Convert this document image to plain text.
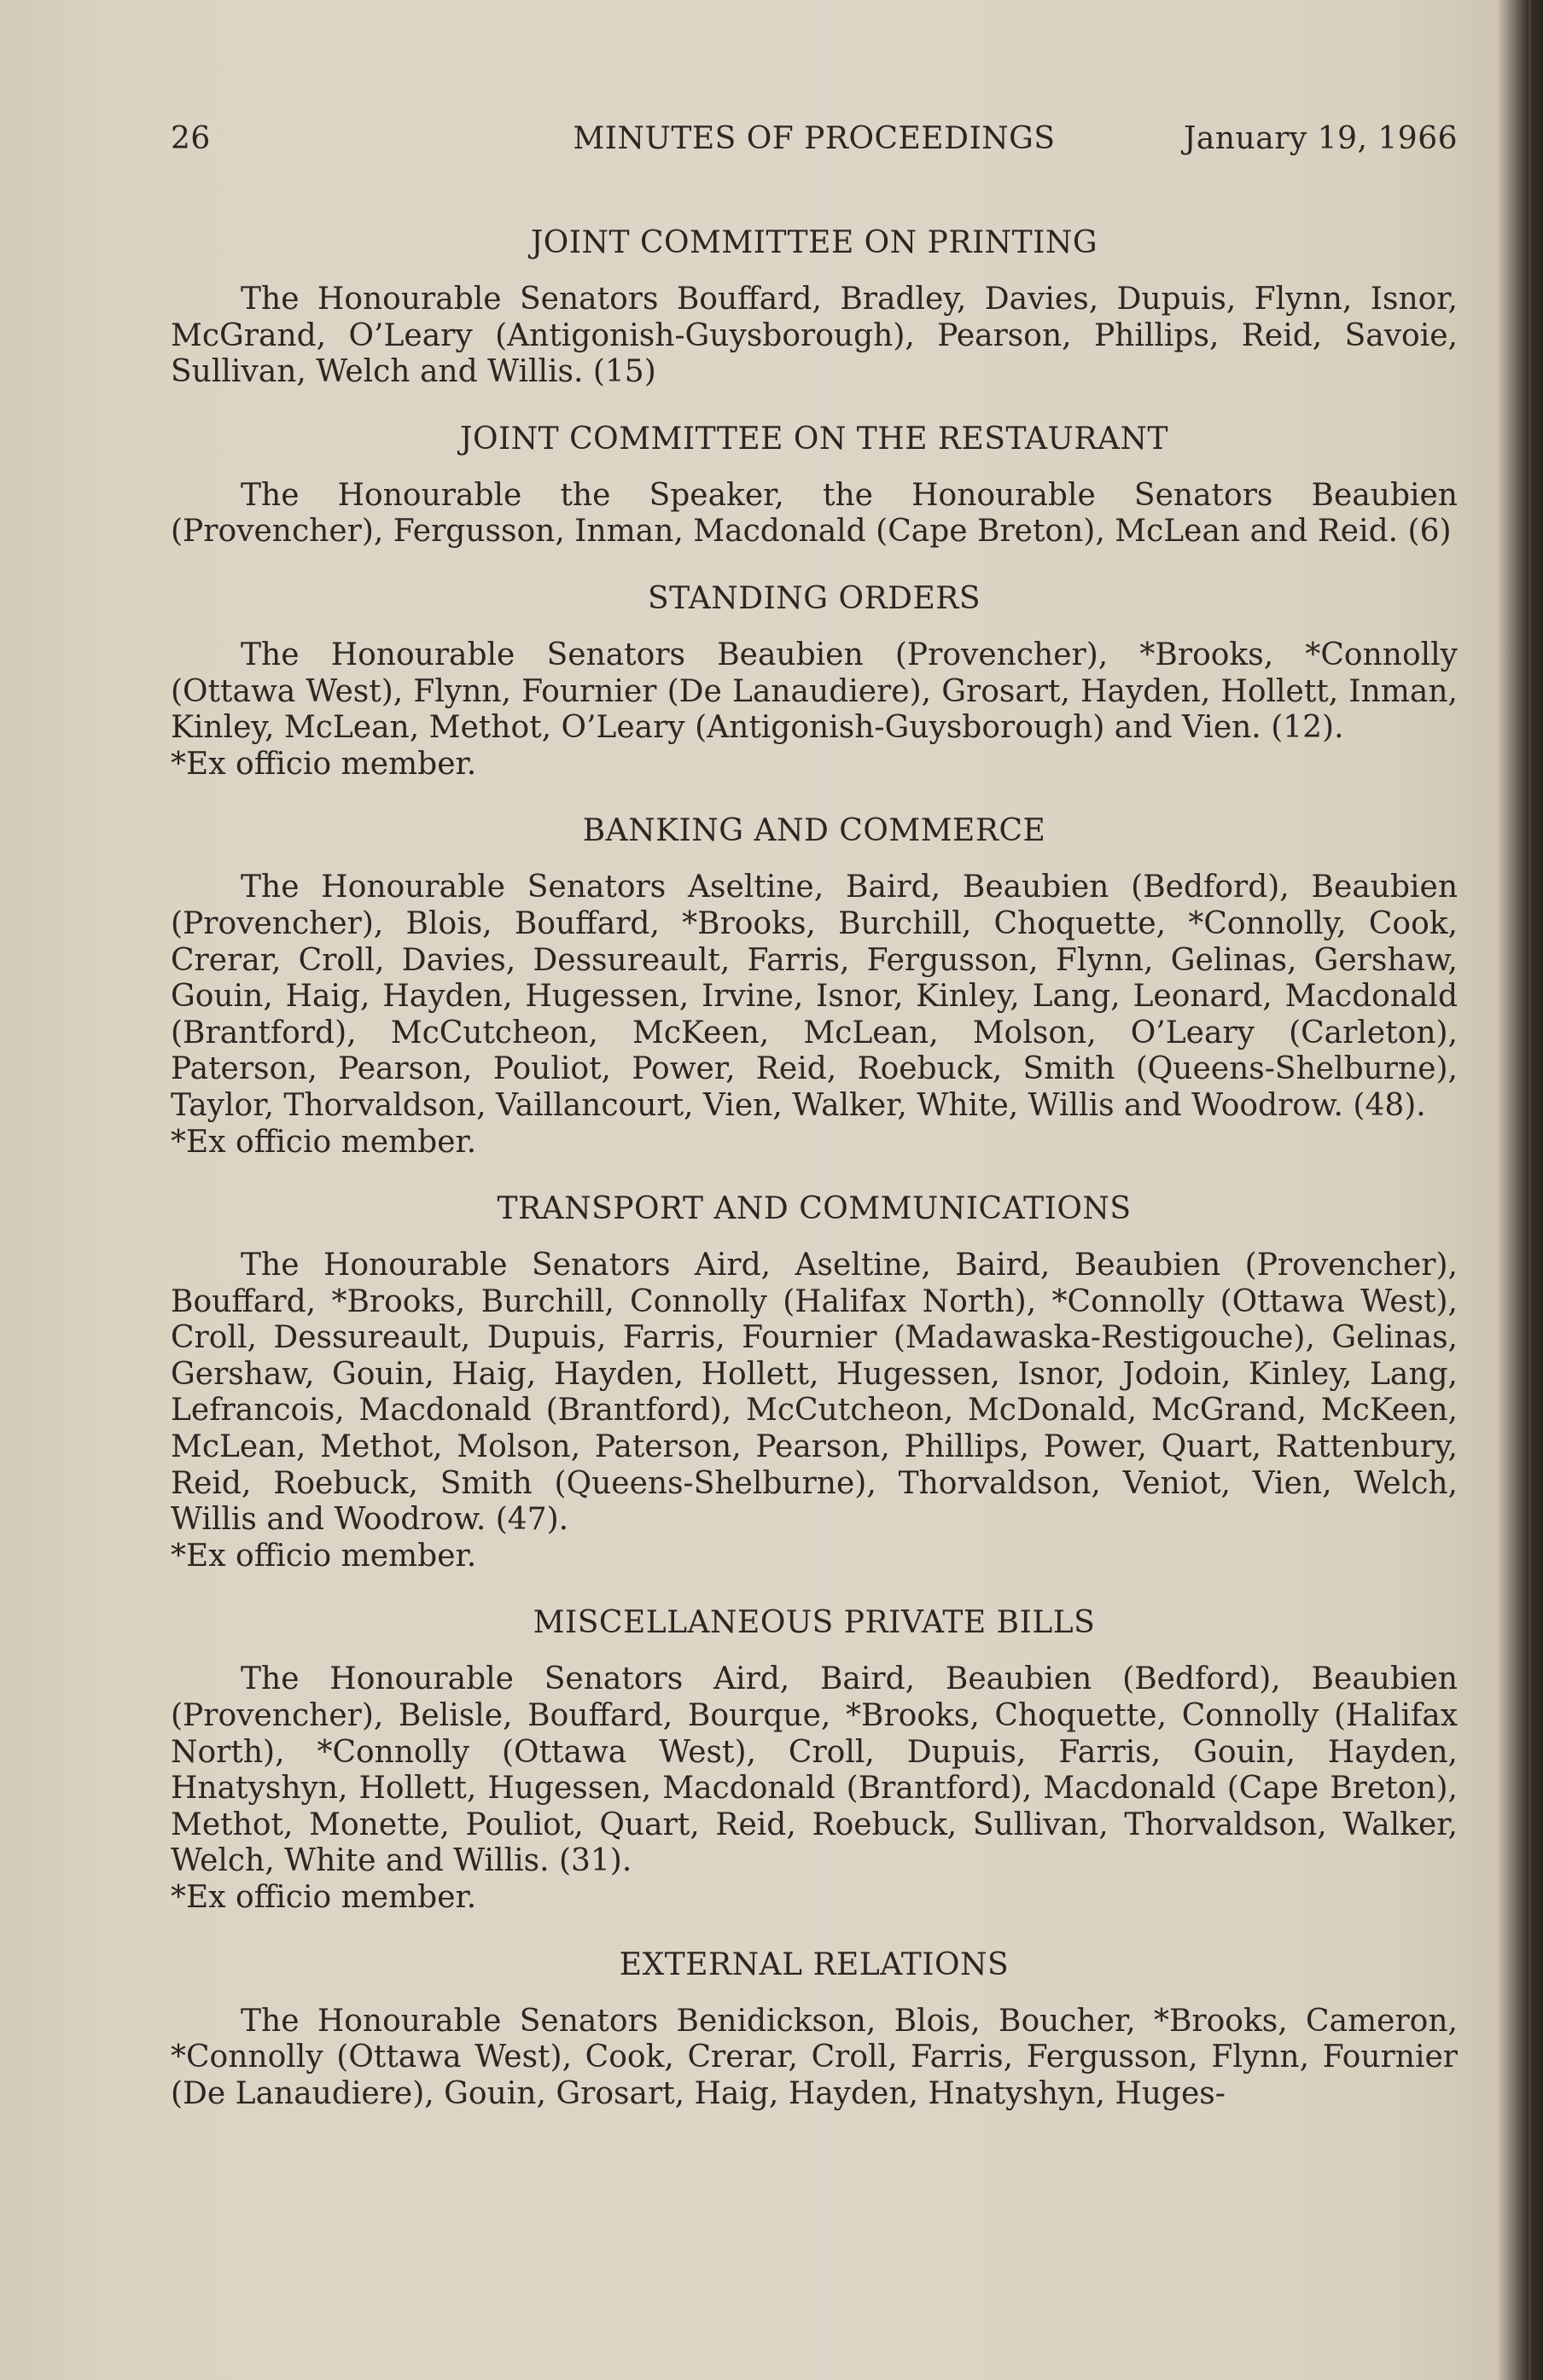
26	MINUTES OF PROCEEDINGS	January 19, 1966
JOINT COMMITTEE ON PRINTING

The Honourable Senators Bouffard, Bradley, Davies, Dupuis, Flynn, Isnor, McGrand, O’Leary (Antigonish-Guysborough), Pearson, Phillips, Reid, Savoie, Sullivan, Welch and Willis. (15)

JOINT COMMITTEE ON THE RESTAURANT

The Honourable the Speaker, the Honourable Senators Beaubien (Provencher), Fergusson, Inman, Macdonald (Cape Breton), McLean and Reid. (6)

STANDING ORDERS

The Honourable Senators Beaubien (Provencher), *Brooks, *Connolly (Ottawa West), Flynn, Fournier (De Lanaudiere), Grosart, Hayden, Hollett, Inman, Kinley, McLean, Methot, O’Leary (Antigonish-Guysborough) and Vien. (12).

*Ex officio member.

BANKING AND COMMERCE

The Honourable Senators Aseltine, Baird, Beaubien (Bedford), Beaubien (Provencher), Blois, Bouffard, *Brooks, Burchill, Choquette, *Connolly, Cook, Crerar, Croll, Davies, Dessureault, Farris, Fergusson, Flynn, Gelinas, Gershaw, Gouin, Haig, Hayden, Hugessen, Irvine, Isnor, Kinley, Lang, Leonard, Macdonald (Brantford), McCutcheon, McKeen, McLean, Molson, O’Leary (Carleton), Paterson, Pearson, Pouliot, Power, Reid, Roebuck, Smith (Queens-Shelburne), Taylor, Thorvaldson, Vaillancourt, Vien, Walker, White, Willis and Woodrow. (48).

*Ex officio member.

TRANSPORT AND COMMUNICATIONS

The Honourable Senators Aird, Aseltine, Baird, Beaubien (Provencher), Bouffard, *Brooks, Burchill, Connolly (Halifax North), *Connolly (Ottawa West), Croll, Dessureault, Dupuis, Farris, Fournier (Madawaska-Restigouche), Gelinas, Gershaw, Gouin, Haig, Hayden, Hollett, Hugessen, Isnor, Jodoin, Kinley, Lang, Lefrancois, Macdonald (Brantford), McCutcheon, McDonald, McGrand, McKeen, McLean, Methot, Molson, Paterson, Pearson, Phillips, Power, Quart, Rattenbury, Reid, Roebuck, Smith (Queens-Shelburne), Thorvaldson, Veniot, Vien, Welch, Willis and Woodrow. (47).

*Ex officio member.

MISCELLANEOUS PRIVATE BILLS

The Honourable Senators Aird, Baird, Beaubien (Bedford), Beaubien (Provencher), Belisle, Bouffard, Bourque, *Brooks, Choquette, Connolly (Halifax North), *Connolly (Ottawa West), Croll, Dupuis, Farris, Gouin, Hayden, Hnatyshyn, Hollett, Hugessen, Macdonald (Brantford), Macdonald (Cape Breton), Methot, Monette, Pouliot, Quart, Reid, Roebuck, Sullivan, Thorvaldson, Walker, Welch, White and Willis. (31).

*Ex officio member.

EXTERNAL RELATIONS

The Honourable Senators Benidickson, Blois, Boucher, *Brooks, Cameron, *Connolly (Ottawa West), Cook, Crerar, Croll, Farris, Fergusson, Flynn, Fournier (De Lanaudiere), Gouin, Grosart, Haig, Hayden, Hnatyshyn, Huges-
